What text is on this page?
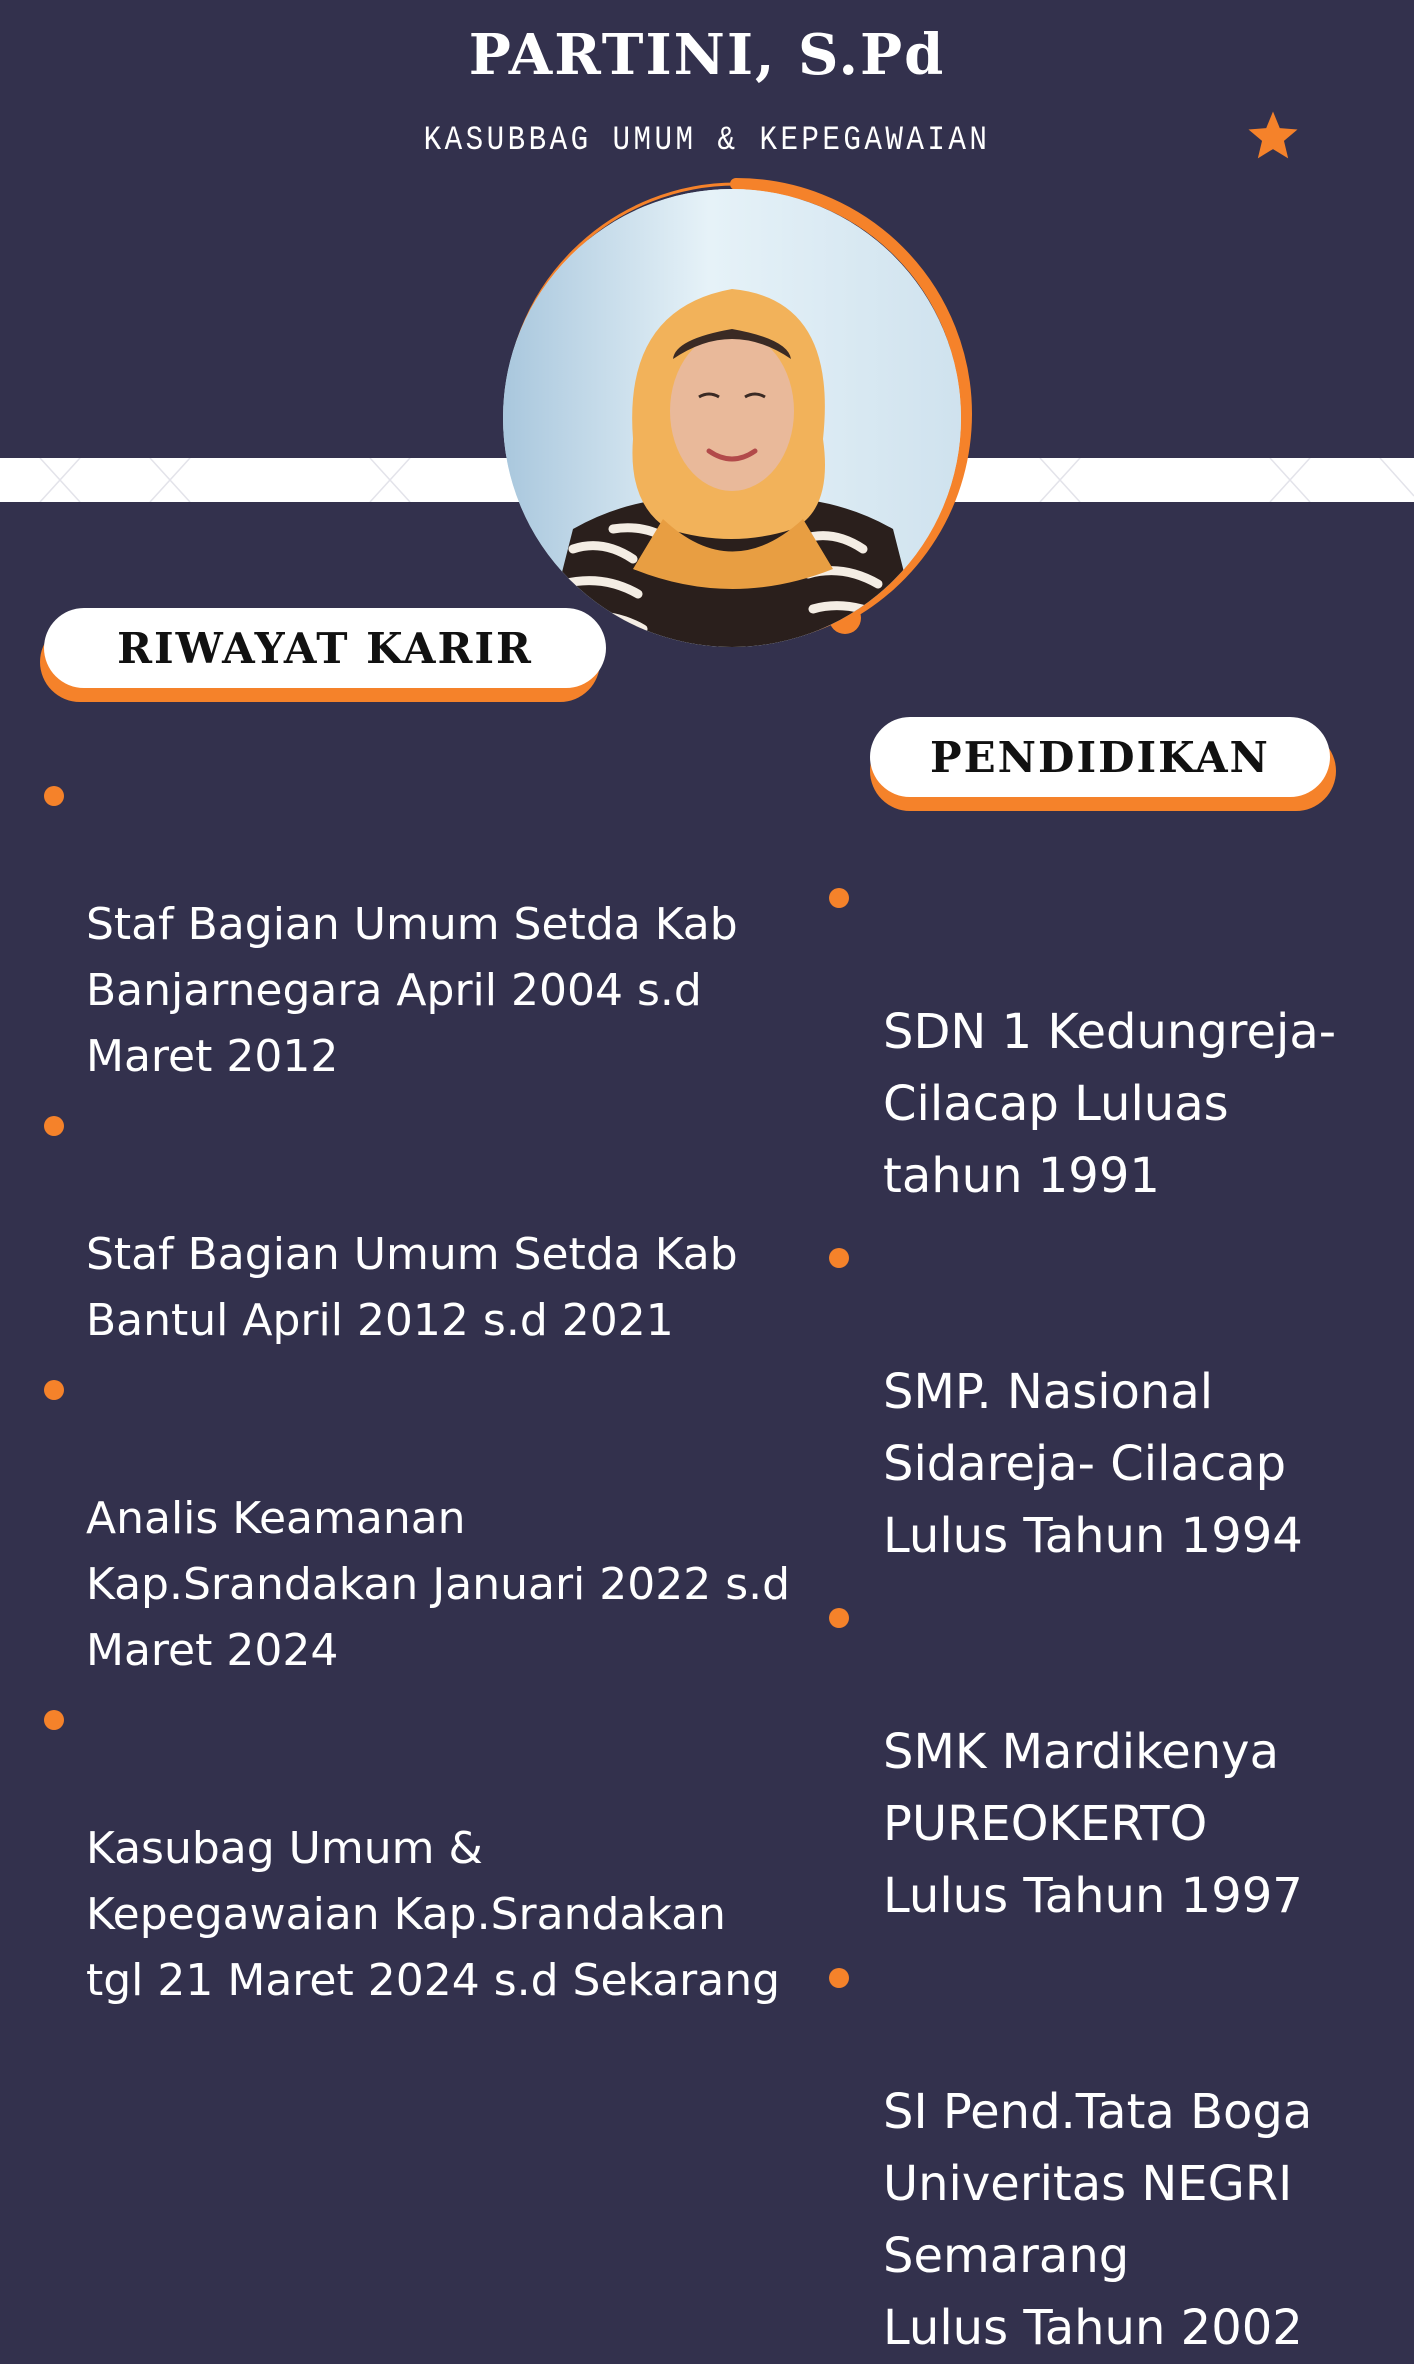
PARTINI, S.Pd
KASUBBAG UMUM & KEPEGAWAIAN
RIWAYAT KARIR

Staf Bagian Umum Setda Kab
Banjarnegara April 2004 s.d
Maret 2012

Staf Bagian Umum Setda Kab
Bantul April 2012 s.d 2021

Analis Keamanan
Kap.Srandakan Januari 2022 s.d
Maret 2024

Kasubag Umum &
Kepegawaian Kap.Srandakan
tgl 21 Maret 2024 s.d Sekarang

PENDIDIKAN

SDN 1 Kedungreja-
Cilacap Luluas
tahun 1991

SMP. Nasional
Sidareja- Cilacap
Lulus Tahun 1994

SMK Mardikenya
PUREOKERTO
Lulus Tahun 1997

SI Pend.Tata Boga
Univeritas NEGRI
Semarang
Lulus Tahun 2002
